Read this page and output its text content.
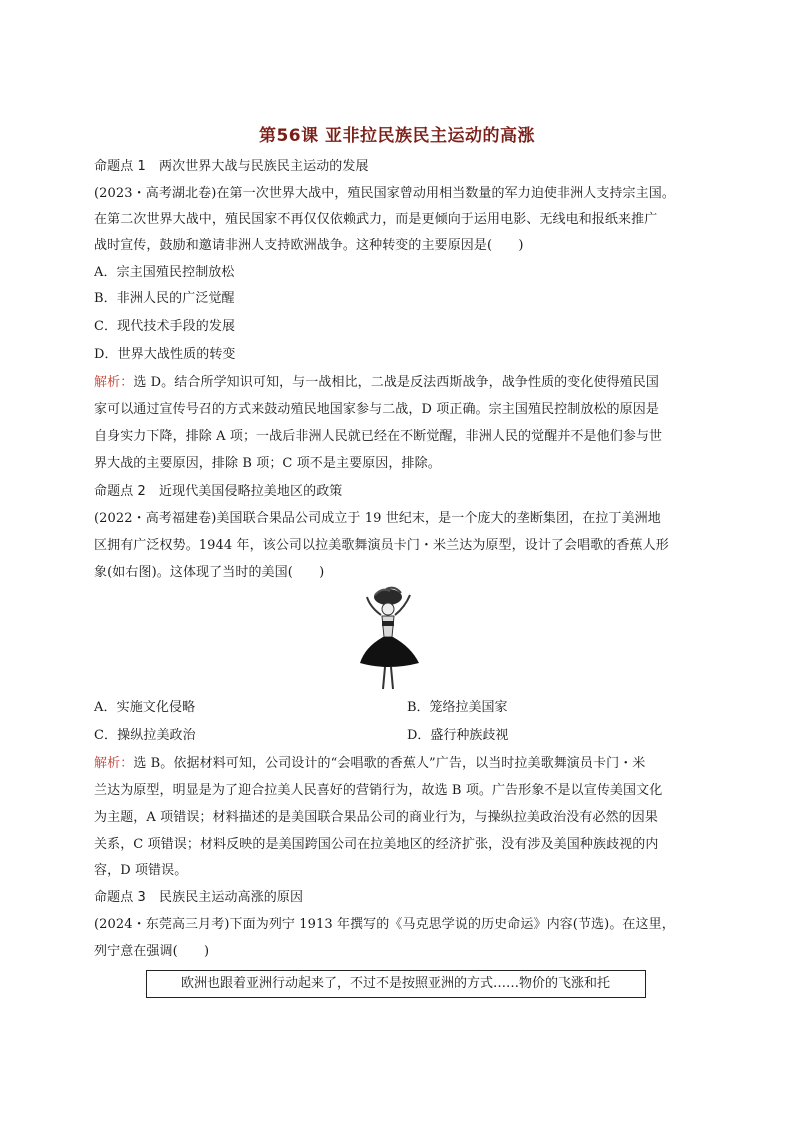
第56课 亚非拉民族民主运动的高涨
命题点 1　两次世界大战与民族民主运动的发展
(2023・高考湖北卷)在第一次世界大战中，殖民国家曾动用相当数量的军力迫使非洲人支持宗主国。
在第二次世界大战中，殖民国家不再仅仅依赖武力，而是更倾向于运用电影、无线电和报纸来推广
战时宣传，鼓励和邀请非洲人支持欧洲战争。这种转变的主要原因是(　　)
A．宗主国殖民控制放松
B．非洲人民的广泛觉醒
C．现代技术手段的发展
D．世界大战性质的转变
解析：选 D。结合所学知识可知，与一战相比，二战是反法西斯战争，战争性质的变化使得殖民国
家可以通过宣传号召的方式来鼓动殖民地国家参与二战，D 项正确。宗主国殖民控制放松的原因是
自身实力下降，排除 A 项；一战后非洲人民就已经在不断觉醒，非洲人民的觉醒并不是他们参与世
界大战的主要原因，排除 B 项；C 项不是主要原因，排除。
命题点 2　近现代美国侵略拉美地区的政策
(2022・高考福建卷)美国联合果品公司成立于 19 世纪末，是一个庞大的垄断集团，在拉丁美洲地
区拥有广泛权势。1944 年，该公司以拉美歌舞演员卡门・米兰达为原型，设计了会唱歌的香蕉人形
象(如右图)。这体现了当时的美国(　　)
A．实施文化侵略	B．笼络拉美国家
C．操纵拉美政治	D．盛行种族歧视
解析：选 B。依据材料可知，公司设计的“会唱歌的香蕉人”广告，以当时拉美歌舞演员卡门・米
兰达为原型，明显是为了迎合拉美人民喜好的营销行为，故选 B 项。广告形象不是以宣传美国文化
为主题，A 项错误；材料描述的是美国联合果品公司的商业行为，与操纵拉美政治没有必然的因果
关系，C 项错误；材料反映的是美国跨国公司在拉美地区的经济扩张，没有涉及美国种族歧视的内
容，D 项错误。
命题点 3　民族民主运动高涨的原因
(2024・东莞高三月考)下面为列宁 1913 年撰写的《马克思学说的历史命运》内容(节选)。在这里，
列宁意在强调(　　)
欧洲也跟着亚洲行动起来了，不过不是按照亚洲的方式……物价的飞涨和托
